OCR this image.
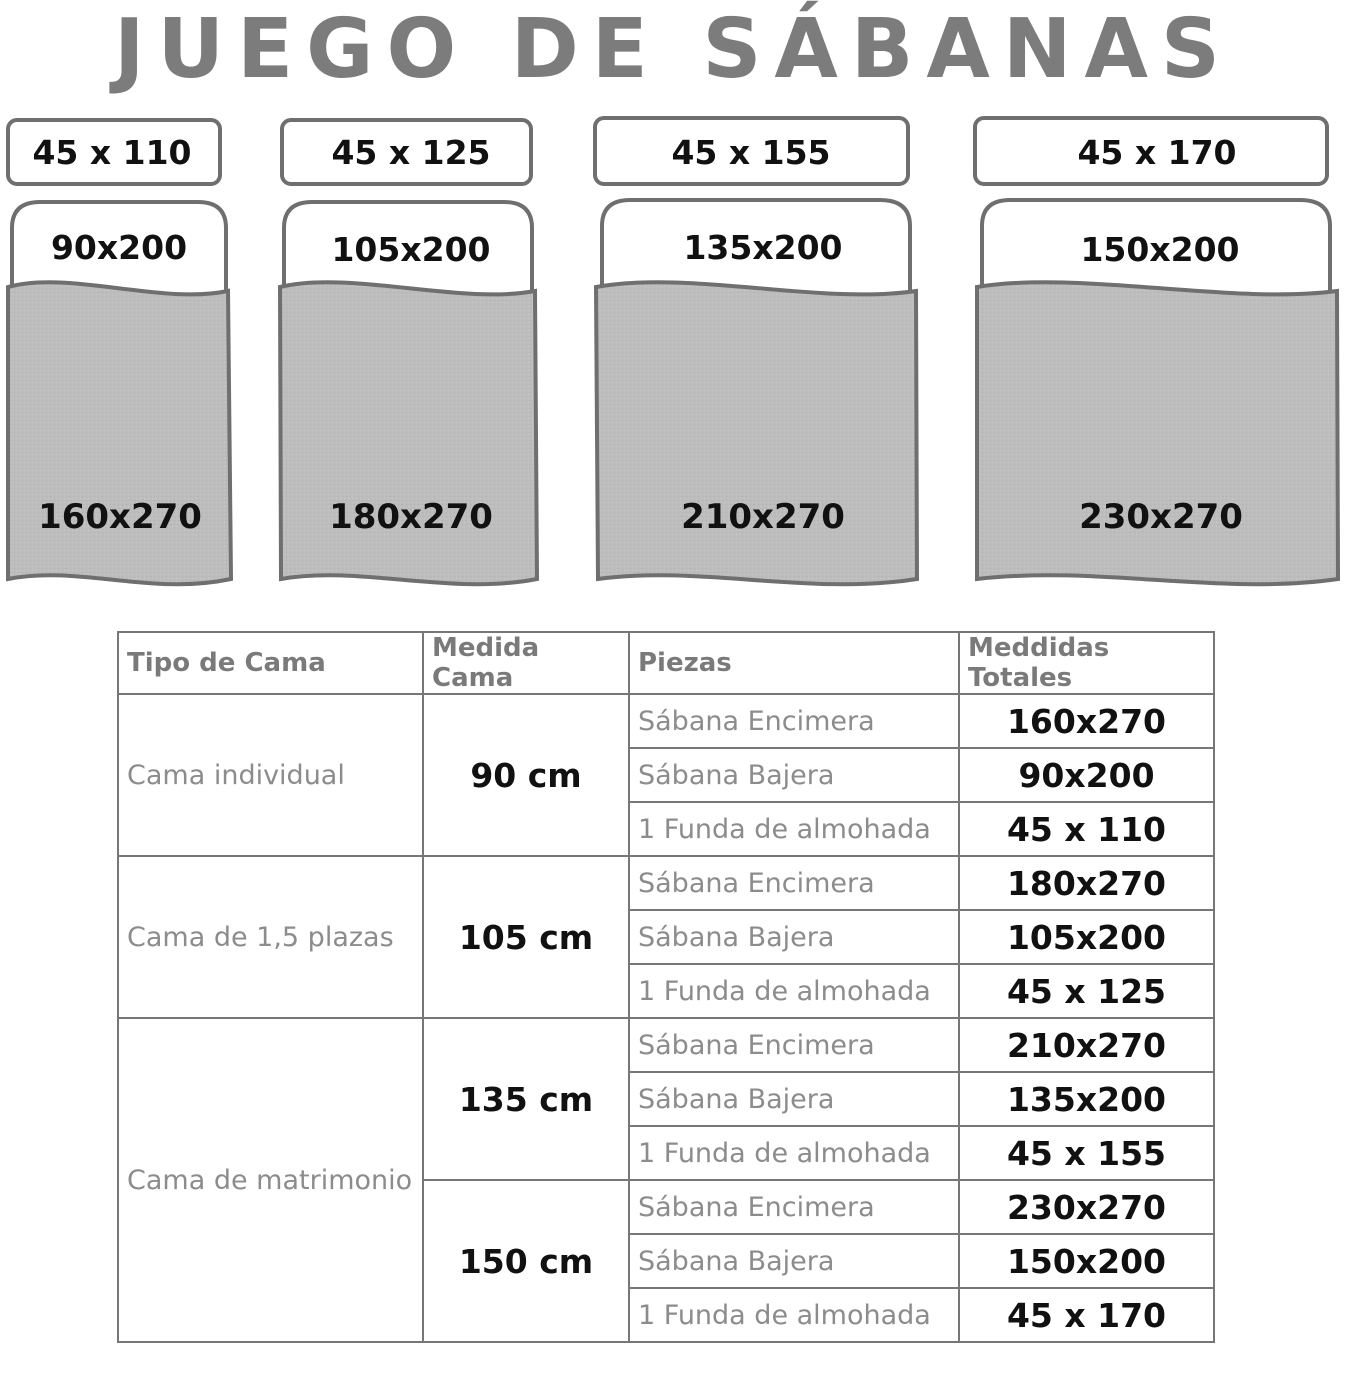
JUEGO DE SÁBANAS
45 x 110
90x200
160x270
45 x 125
105x200
180x270
45 x 155
135x200
210x270
45 x 170
150x200
230x270
Tipo de Cama	Medida Cama	Piezas	Meddidas Totales
Cama individual	90 cm	Sábana Encimera	160x270
		Sábana Bajera	90x200
		1 Funda de almohada	45 x 110
Cama de 1,5 plazas	105 cm	Sábana Encimera	180x270
		Sábana Bajera	105x200
		1 Funda de almohada	45 x 125
Cama de matrimonio	135 cm	Sábana Encimera	210x270
		Sábana Bajera	135x200
		1 Funda de almohada	45 x 155
	150 cm	Sábana Encimera	230x270
		Sábana Bajera	150x200
		1 Funda de almohada	45 x 170
